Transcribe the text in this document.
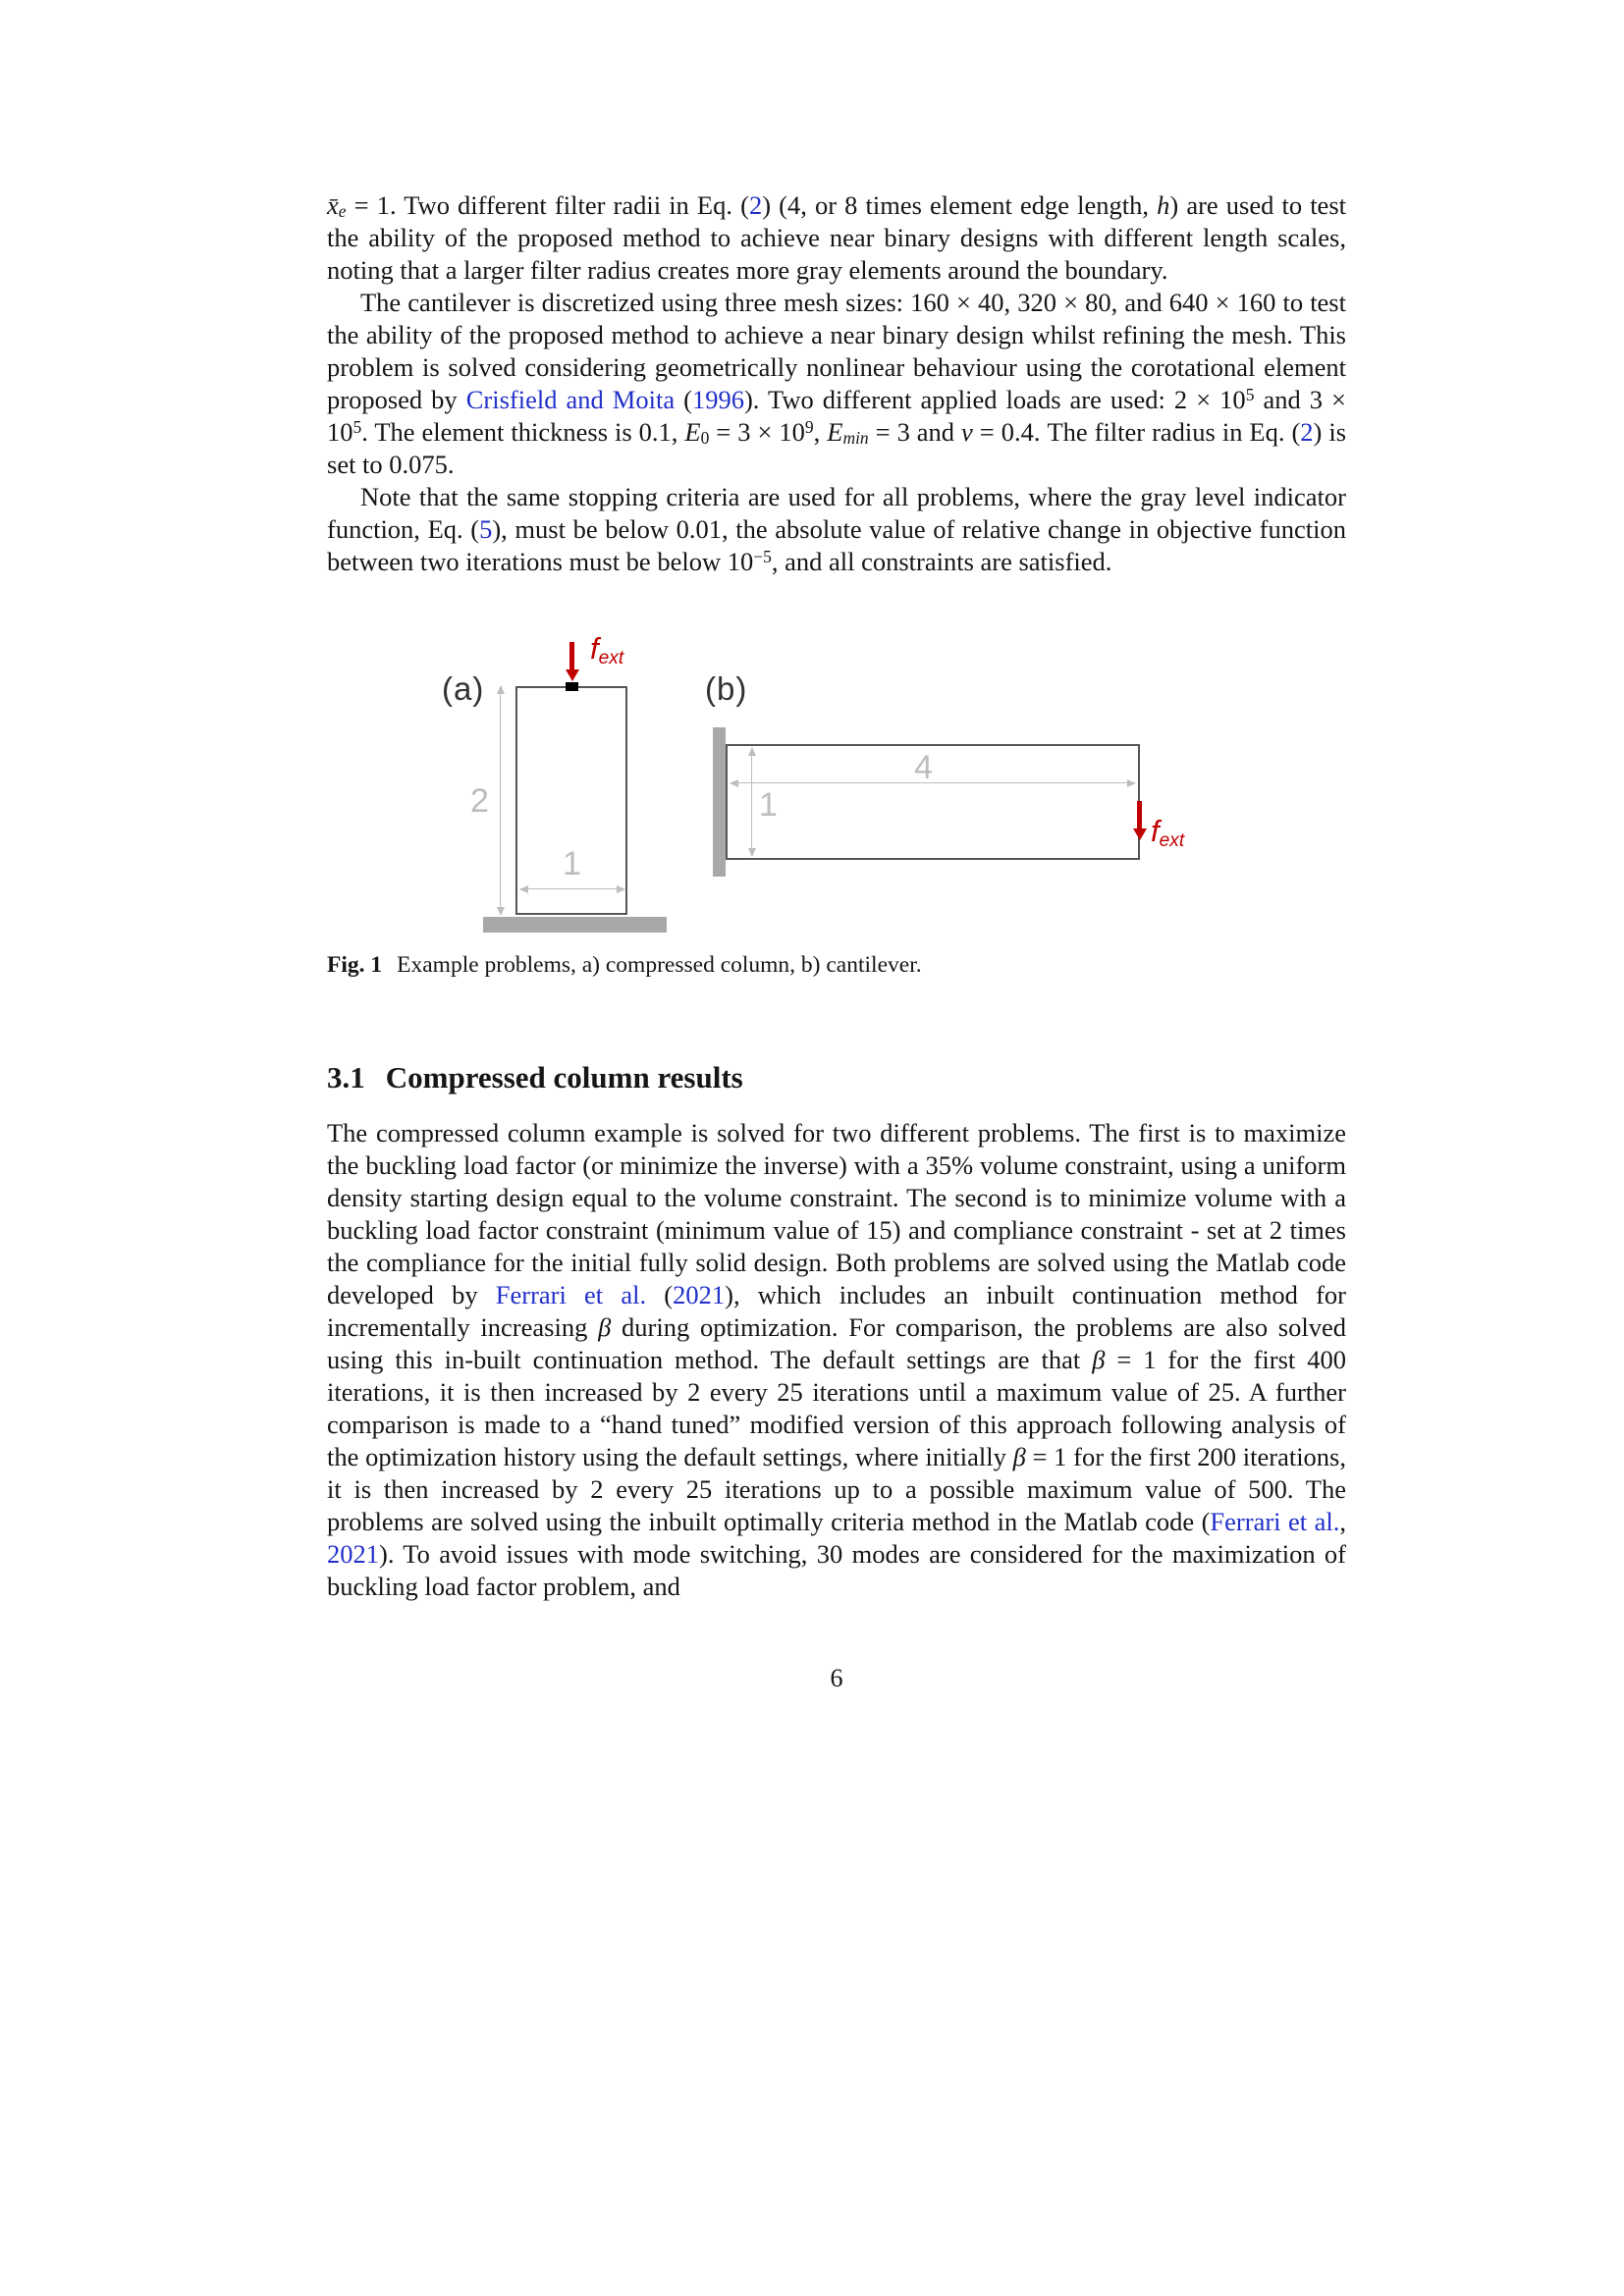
x̄e = 1. Two different filter radii in Eq. (2) (4, or 8 times element edge length, h) are used to test the ability of the proposed method to achieve near binary designs with different length scales, noting that a larger filter radius creates more gray elements around the boundary.

The cantilever is discretized using three mesh sizes: 160 × 40, 320 × 80, and 640 × 160 to test the ability of the proposed method to achieve a near binary design whilst refining the mesh. This problem is solved considering geometrically nonlinear behaviour using the corotational element proposed by Crisfield and Moita (1996). Two different applied loads are used: $2 \times 10^5$ and $3 \times 10^5$. The element thickness is 0.1, $E0 = 3 \times 10^9$, Emin = 3 and ν = 0.4. The filter radius in Eq. (2) is set to 0.075.

Note that the same stopping criteria are used for all problems, where the gray level indicator function, Eq. (5), must be below 0.01, the absolute value of relative change in objective function between two iterations must be below $10^{-5}$, and all constraints are satisfied.

(a)
2
1
fext
(b)
4
1
fext
Fig. 1 Example problems, a) compressed column, b) cantilever.
3.1 Compressed column results

The compressed column example is solved for two different problems. The first is to maximize the buckling load factor (or minimize the inverse) with a 35% volume constraint, using a uniform density starting design equal to the volume constraint. The second is to minimize volume with a buckling load factor constraint (minimum value of 15) and compliance constraint - set at 2 times the compliance for the initial fully solid design. Both problems are solved using the Matlab code developed by Ferrari et al. (2021), which includes an inbuilt continuation method for incrementally increasing β during optimization. For comparison, the problems are also solved using this in-built continuation method. The default settings are that β = 1 for the first 400 iterations, it is then increased by 2 every 25 iterations until a maximum value of 25. A further comparison is made to a “hand tuned” modified version of this approach following analysis of the optimization history using the default settings, where initially β = 1 for the first 200 iterations, it is then increased by 2 every 25 iterations up to a possible maximum value of 500. The problems are solved using the inbuilt optimally criteria method in the Matlab code (Ferrari et al., 2021). To avoid issues with mode switching, 30 modes are considered for the maximization of buckling load factor problem, and

6
